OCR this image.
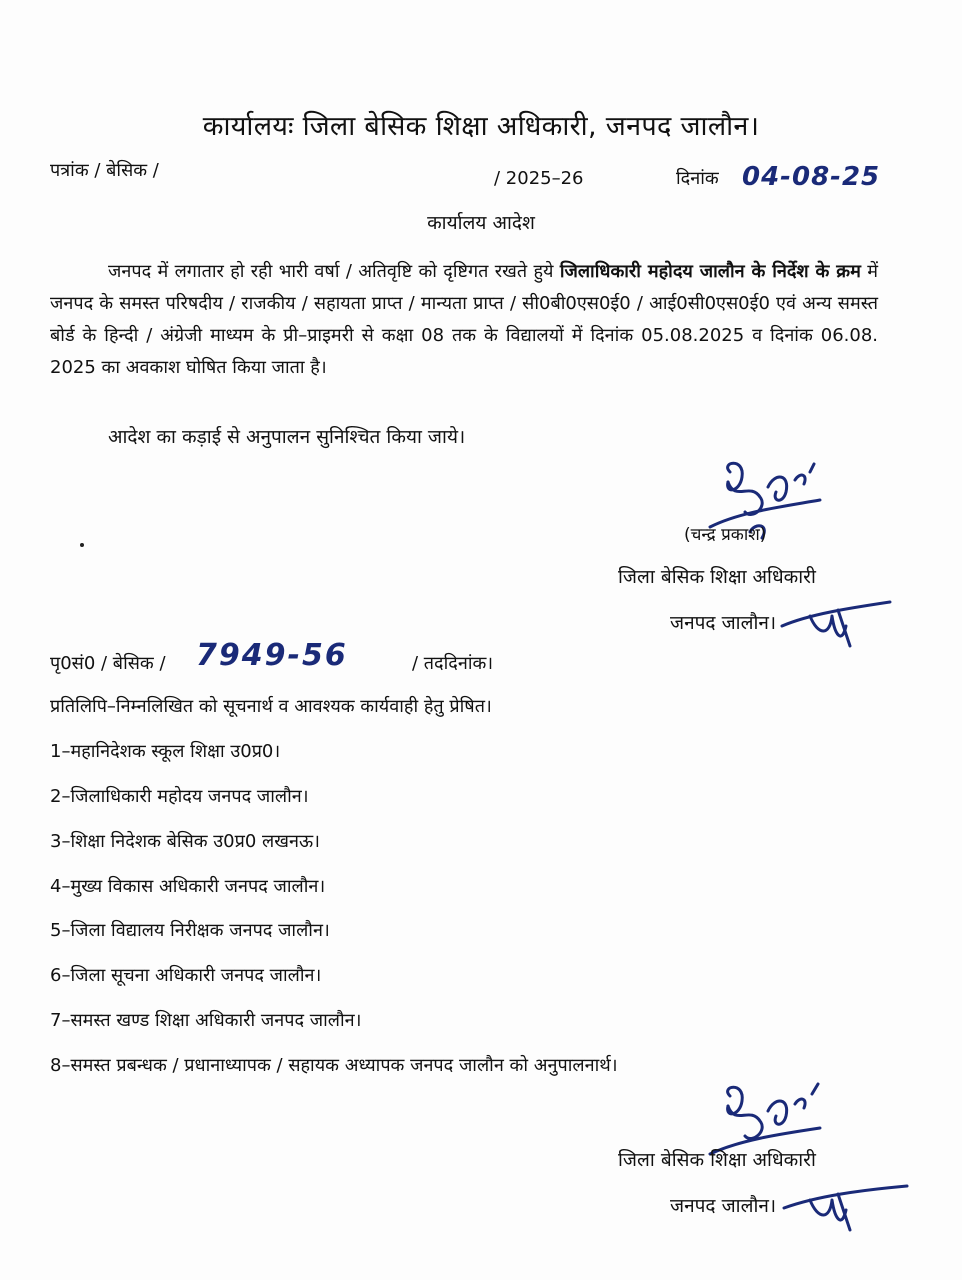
कार्यालयः जिला बेसिक शिक्षा अधिकारी, जनपद जालौन।
पत्रांक / बेसिक /	/ 2025–26	दिनांक 04-08-25
कार्यालय आदेश
जनपद में लगातार हो रही भारी वर्षा / अतिवृष्टि को दृष्टिगत रखते हुये जिलाधिकारी महोदय जालौन के निर्देश के क्रम में जनपद के समस्त परिषदीय / राजकीय / सहायता प्राप्त / मान्यता प्राप्त / सी0बी0एस0ई0 / आई0सी0एस0ई0 एवं अन्य समस्त बोर्ड के हिन्दी / अंग्रेजी माध्यम के प्री–प्राइमरी से कक्षा 08 तक के विद्यालयों में दिनांक 05.08.2025 व दिनांक 06.08. 2025 का अवकाश घोषित किया जाता है।
आदेश का कड़ाई से अनुपालन सुनिश्चित किया जाये।
(चन्द्र प्रकाश)
जिला बेसिक शिक्षा अधिकारी
जनपद जालौन।
पृ0सं0 / बेसिक / 7949-56	/ तददिनांक।
प्रतिलिपि–निम्नलिखित को सूचनार्थ व आवश्यक कार्यवाही हेतु प्रेषित।
1–महानिदेशक स्कूल शिक्षा उ0प्र0।
2–जिलाधिकारी महोदय जनपद जालौन।
3–शिक्षा निदेशक बेसिक उ0प्र0 लखनऊ।
4–मुख्य विकास अधिकारी जनपद जालौन।
5–जिला विद्यालय निरीक्षक जनपद जालौन।
6–जिला सूचना अधिकारी जनपद जालौन।
7–समस्त खण्ड शिक्षा अधिकारी जनपद जालौन।
8–समस्त प्रबन्धक / प्रधानाध्यापक / सहायक अध्यापक जनपद जालौन को अनुपालनार्थ।
जिला बेसिक शिक्षा अधिकारी
जनपद जालौन।
